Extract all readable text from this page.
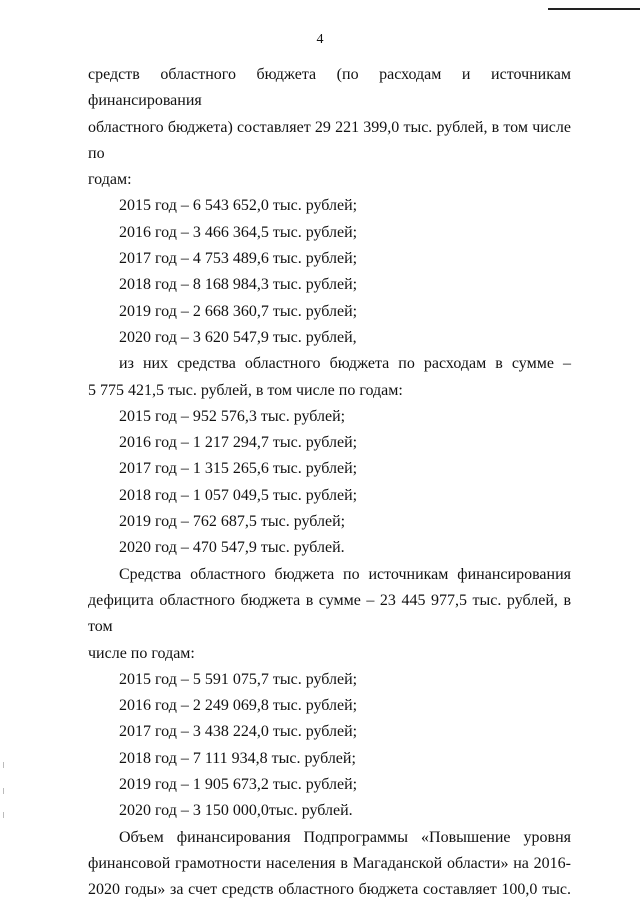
4

средств областного бюджета (по расходам и источникам финансирования

областного бюджета) составляет 29 221 399,0 тыс. рублей, в том числе по

годам:

2015 год – 6 543 652,0 тыс. рублей;

2016 год – 3 466 364,5 тыс. рублей;

2017 год – 4 753 489,6 тыс. рублей;

2018 год – 8 168 984,3 тыс. рублей;

2019 год – 2 668 360,7 тыс. рублей;

2020 год – 3 620 547,9 тыс. рублей,

из них средства областного бюджета по расходам в сумме –

5 775 421,5 тыс. рублей, в том числе по годам:

2015 год – 952 576,3 тыс. рублей;

2016 год – 1 217 294,7 тыс. рублей;

2017 год – 1 315 265,6 тыс. рублей;

2018 год – 1 057 049,5 тыс. рублей;

2019 год – 762 687,5 тыс. рублей;

2020 год – 470 547,9 тыс. рублей.

Средства областного бюджета по источникам финансирования

дефицита областного бюджета в сумме – 23 445 977,5 тыс. рублей, в том

числе по годам:

2015 год – 5 591 075,7 тыс. рублей;

2016 год – 2 249 069,8 тыс. рублей;

2017 год – 3 438 224,0 тыс. рублей;

2018 год – 7 111 934,8 тыс. рублей;

2019 год – 1 905 673,2 тыс. рублей;

2020 год – 3 150 000,0тыс. рублей.

Объем финансирования Подпрограммы «Повышение уровня

финансовой грамотности населения в Магаданской области» на 2016-

2020 годы» за счет средств областного бюджета составляет 100,0 тыс.
